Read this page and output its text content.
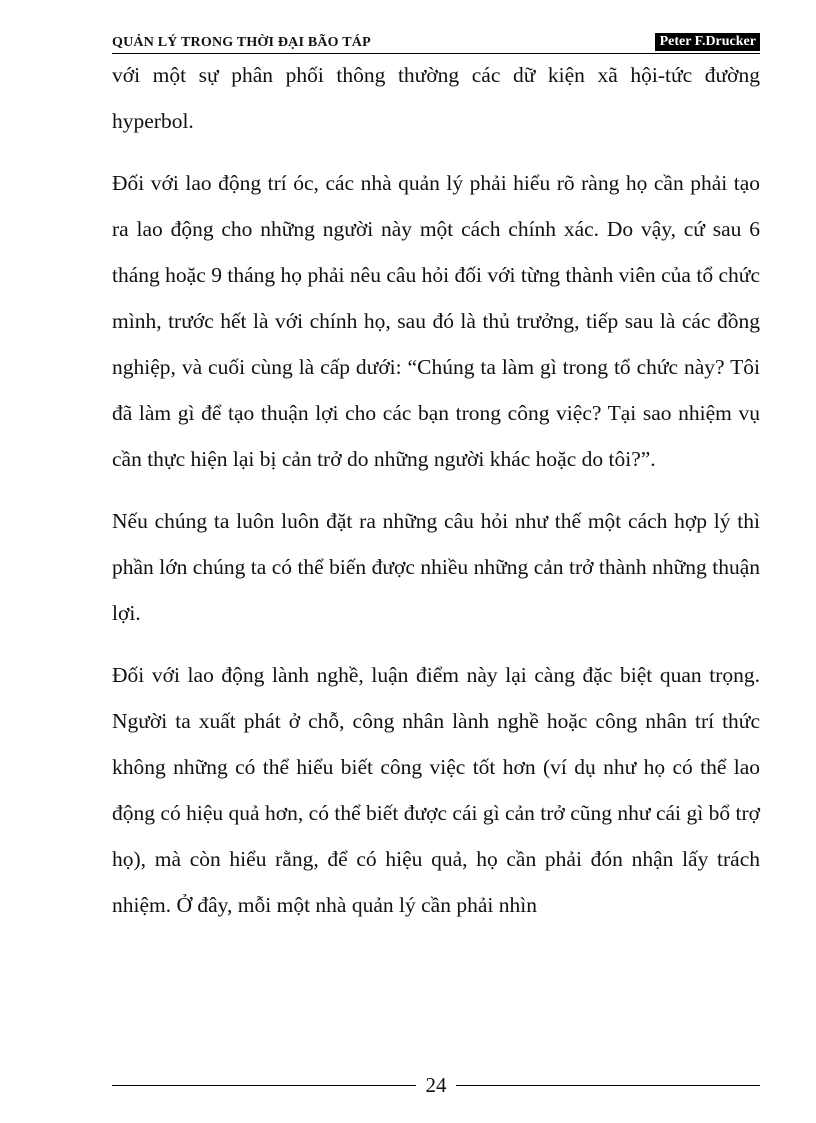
QUẢN LÝ TRONG THỜI ĐẠI BÃO TÁP	Peter F.Drucker

với một sự phân phối thông thường các dữ kiện xã hội-tức đường hyperbol.

Đối với lao động trí óc, các nhà quản lý phải hiểu rõ ràng họ cần phải tạo ra lao động cho những người này một cách chính xác. Do vậy, cứ sau 6 tháng hoặc 9 tháng họ phải nêu câu hỏi đối với từng thành viên của tổ chức mình, trước hết là với chính họ, sau đó là thủ trưởng, tiếp sau là các đồng nghiệp, và cuối cùng là cấp dưới: “Chúng ta làm gì trong tổ chức này? Tôi đã làm gì để tạo thuận lợi cho các bạn trong công việc? Tại sao nhiệm vụ cần thực hiện lại bị cản trở do những người khác hoặc do tôi?”.

Nếu chúng ta luôn luôn đặt ra những câu hỏi như thế một cách hợp lý thì phần lớn chúng ta có thể biến được nhiều những cản trở thành những thuận lợi.

Đối với lao động lành nghề, luận điểm này lại càng đặc biệt quan trọng. Người ta xuất phát ở chỗ, công nhân lành nghề hoặc công nhân trí thức không những có thể hiểu biết công việc tốt hơn (ví dụ như họ có thể lao động có hiệu quả hơn, có thể biết được cái gì cản trở cũng như cái gì bổ trợ họ), mà còn hiểu rằng, để có hiệu quả, họ cần phải đón nhận lấy trách nhiệm. Ở đây, mỗi một nhà quản lý cần phải nhìn

24
